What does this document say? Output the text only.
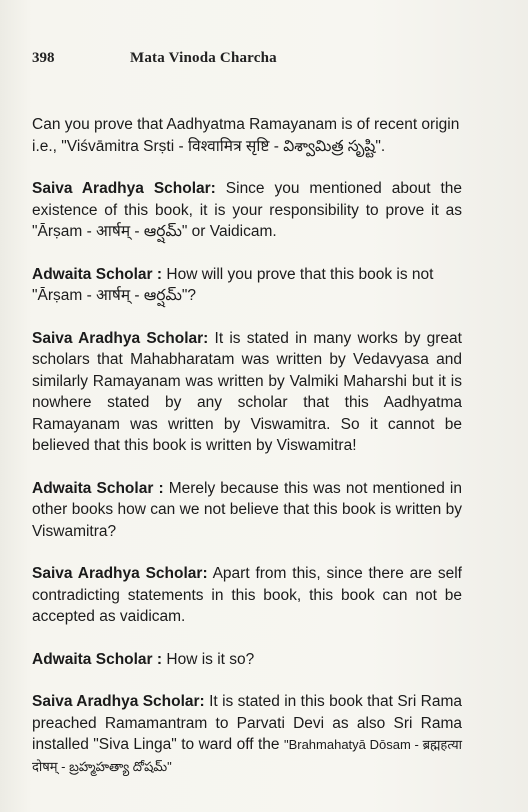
398	Mata Vinoda Charcha

Can you prove that Aadhyatma Ramayanam is of recent origin i.e., "Viśvāmitra Srṣti - विश्वामित्र सृष्टि - విశ్వామిత్ర సృష్టి".

Saiva Aradhya Scholar: Since you mentioned about the existence of this book, it is your responsibility to prove it as "Ārṣam - आर्षम् - ఆర్షమ్" or Vaidicam.

Adwaita Scholar : How will you prove that this book is not "Ārṣam - आर्षम् - ఆర్షమ్"?

Saiva Aradhya Scholar: It is stated in many works by great scholars that Mahabharatam was written by Vedavyasa and similarly Ramayanam was written by Valmiki Maharshi but it is nowhere stated by any scholar that this Aadhyatma Ramayanam was written by Viswamitra. So it cannot be believed that this book is written by Viswamitra!

Adwaita Scholar : Merely because this was not mentioned in other books how can we not believe that this book is written by Viswamitra?

Saiva Aradhya Scholar: Apart from this, since there are self contradicting statements in this book, this book can not be accepted as vaidicam.

Adwaita Scholar : How is it so?

Saiva Aradhya Scholar: It is stated in this book that Sri Rama preached Ramamantram to Parvati Devi as also Sri Rama installed "Siva Linga" to ward off the "Brahmahatyā Dōsam - ब्रह्महत्या दोषम् - బ్రహ్మహత్యా దోషమ్"
